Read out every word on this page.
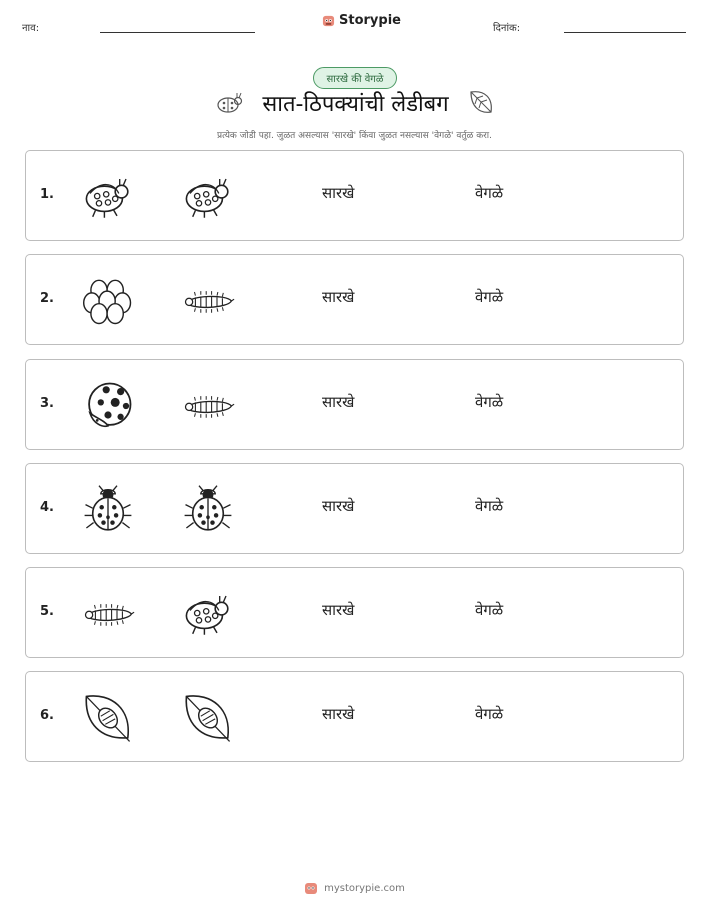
नाव:
Storypie
दिनांक:
सारखे की वेगळे
सात-ठिपक्यांची लेडीबग
प्रत्येक जोडी पहा. जुळत असल्यास 'सारखे' किंवा जुळत नसल्यास 'वेगळे' वर्तुळ करा.
1.	सारखे	वेगळे
2.	सारखे	वेगळे
3.	सारखे	वेगळे
4.	सारखे	वेगळे
5.	सारखे	वेगळे
6.	सारखे	वेगळे
mystorypie.com
